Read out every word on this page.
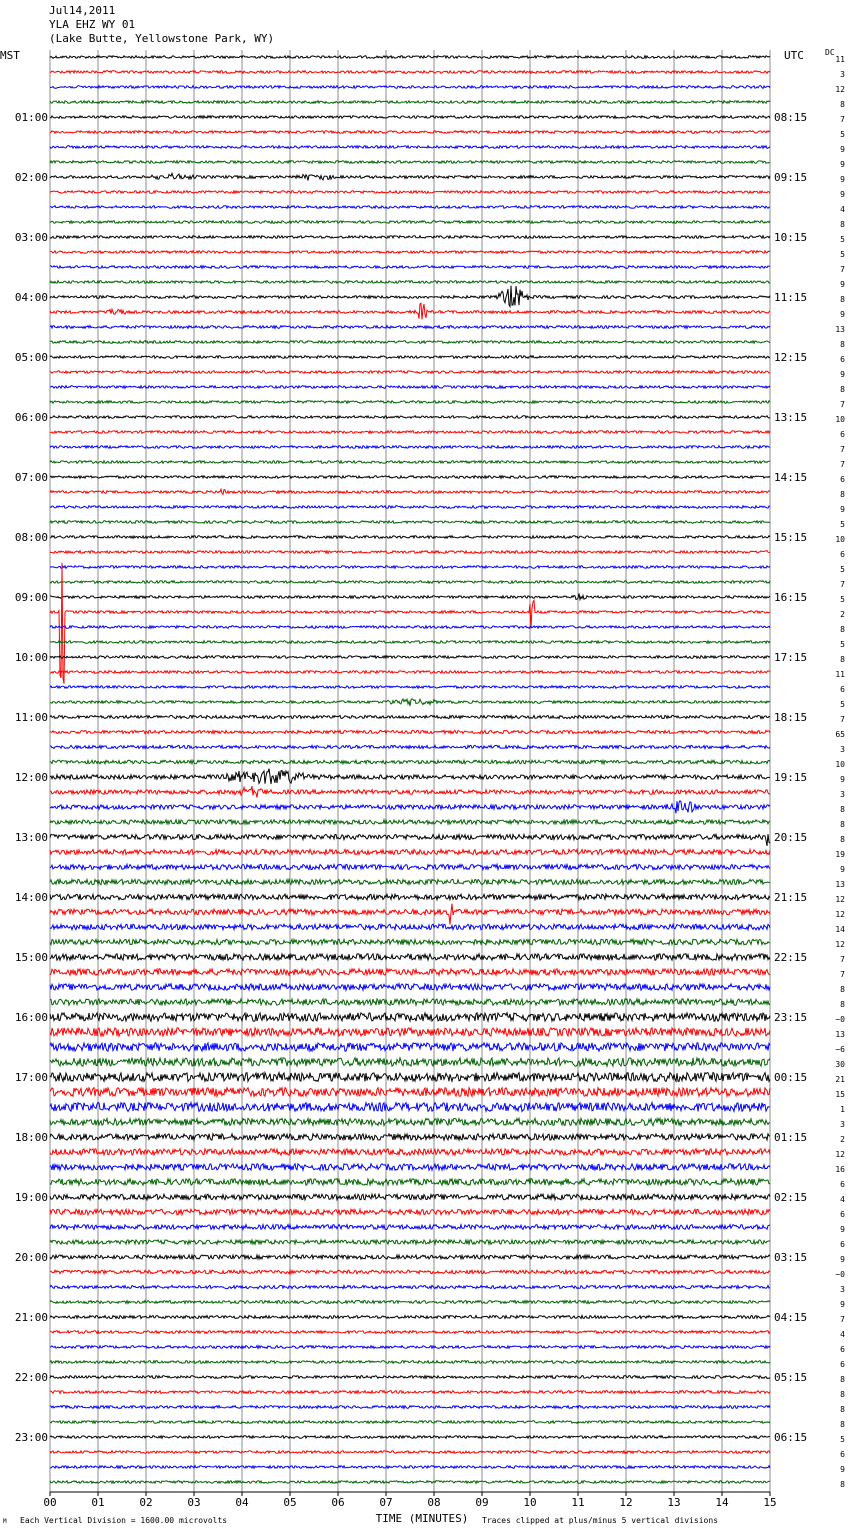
Jul14,2011
YLA EHZ WY 01
(Lake Butte, Yellowstone Park, WY)
MST	UTC	DC
11
3
12
8
7
5
9
9
9
9
4
8
5
5
7
9
8
9
13
8
6
9
8
7
10
6
7
7
6
8
9
5
10
6
5
7
5
2
8
5
8
11
6
5
7
65
3
10
9
3
8
8
8
19
9
13
12
12
14
12
7
7
8
8
−0
13
−6
30
21
15
1
3
2
12
16
6
4
6
9
6
9
−0
3
9
7
4
6
6
8
8
8
8
5
6
9
8
01:00
02:00
03:00
04:00
05:00
06:00
07:00
08:00
09:00
10:00
11:00
12:00
13:00
14:00
15:00
16:00
17:00
18:00
19:00
20:00
21:00
22:00
23:00
08:15
09:15
10:15
11:15
12:15
13:15
14:15
15:15
16:15
17:15
18:15
19:15
20:15
21:15
22:15
23:15
00:15
01:15
02:15
03:15
04:15
05:15
06:15
00	01	02	03	04	05	06	07	08	09	10	11	12	13	14	15
TIME (MINUTES)
M Each Vertical Division = 1600.00 microvolts	Traces clipped at plus/minus 5 vertical divisions
